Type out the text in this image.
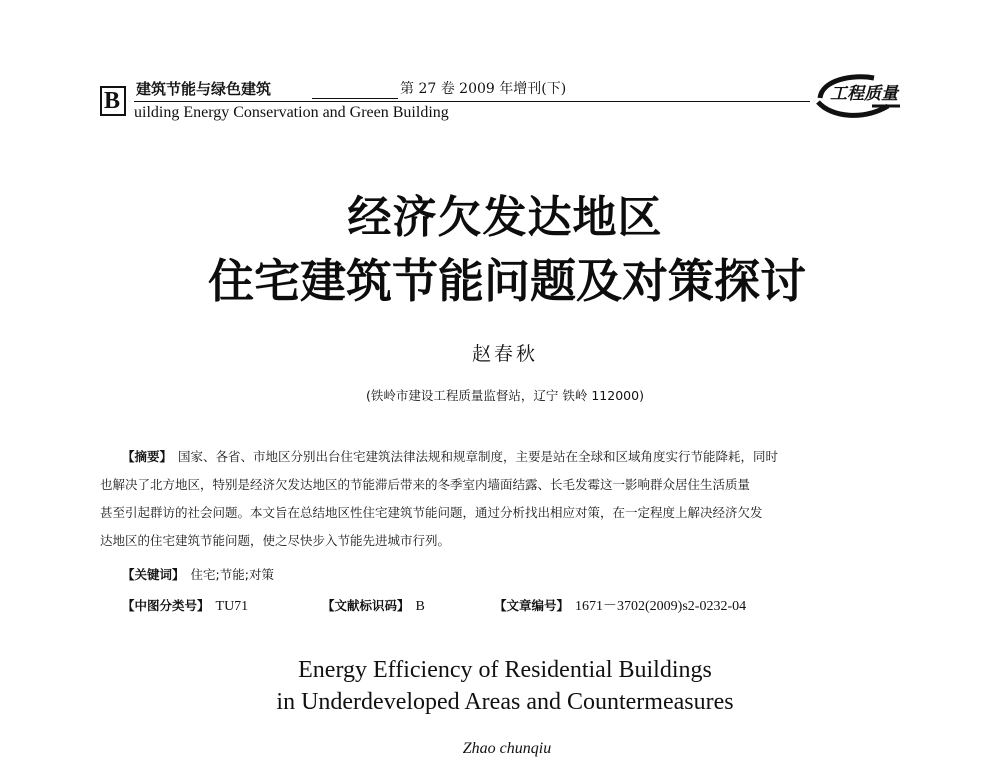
B 建筑节能与绿色建筑	第 27 卷 2009 年增刊(下)
uilding Energy Conservation and Green Building
工程质量
经济欠发达地区
住宅建筑节能问题及对策探讨
赵春秋
(铁岭市建设工程质量监督站，辽宁 铁岭 112000)
【摘要】 国家、各省、市地区分别出台住宅建筑法律法规和规章制度，主要是站在全球和区域角度实行节能降耗，同时
也解决了北方地区，特别是经济欠发达地区的节能滞后带来的冬季室内墙面结露、长毛发霉这一影响群众居住生活质量
甚至引起群访的社会问题。本文旨在总结地区性住宅建筑节能问题，通过分析找出相应对策，在一定程度上解决经济欠发
达地区的住宅建筑节能问题，使之尽快步入节能先进城市行列。
【关键词】 住宅;节能;对策
【中图分类号】 TU71	【文献标识码】 B	【文章编号】 1671－3702(2009)s2-0232-04
Energy Efficiency of Residential Buildings
in Underdeveloped Areas and Countermeasures
Zhao chunqiu
